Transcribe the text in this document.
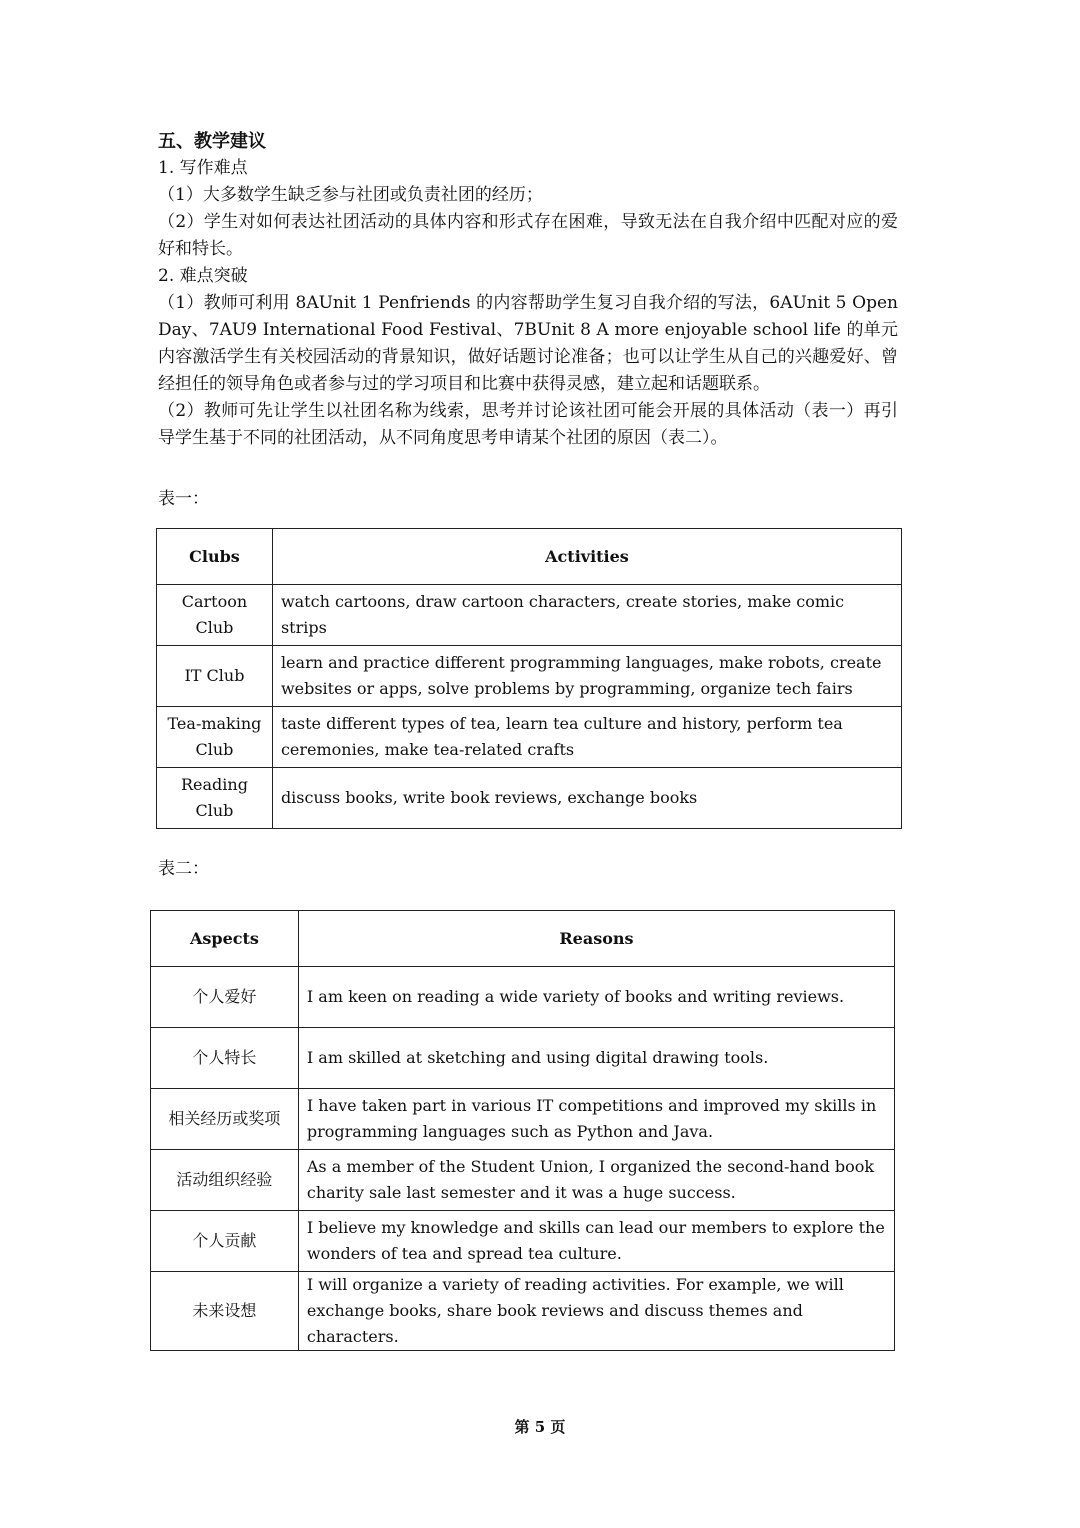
五、教学建议
1. 写作难点
（1）大多数学生缺乏参与社团或负责社团的经历；
（2）学生对如何表达社团活动的具体内容和形式存在困难，导致无法在自我介绍中匹配对应的爱好和特长。
2. 难点突破
（1）教师可利用 8AUnit 1 Penfriends 的内容帮助学生复习自我介绍的写法，6AUnit 5 Open Day、7AU9 International Food Festival、7BUnit 8 A more enjoyable school life 的单元内容激活学生有关校园活动的背景知识，做好话题讨论准备；也可以让学生从自己的兴趣爱好、曾经担任的领导角色或者参与过的学习项目和比赛中获得灵感，建立起和话题联系。
（2）教师可先让学生以社团名称为线索，思考并讨论该社团可能会开展的具体活动（表一）再引导学生基于不同的社团活动，从不同角度思考申请某个社团的原因（表二）。
表一：
Clubs	Activities
Cartoon Club	watch cartoons, draw cartoon characters, create stories, make comic strips
IT Club	learn and practice different programming languages, make robots, create websites or apps, solve problems by programming, organize tech fairs
Tea-making Club	taste different types of tea, learn tea culture and history, perform tea ceremonies, make tea-related crafts
Reading Club	discuss books, write book reviews, exchange books
表二：
Aspects	Reasons
个人爱好	I am keen on reading a wide variety of books and writing reviews.
个人特长	I am skilled at sketching and using digital drawing tools.
相关经历或奖项	I have taken part in various IT competitions and improved my skills in programming languages such as Python and Java.
活动组织经验	As a member of the Student Union, I organized the second-hand book charity sale last semester and it was a huge success.
个人贡献	I believe my knowledge and skills can lead our members to explore the wonders of tea and spread tea culture.
未来设想	I will organize a variety of reading activities. For example, we will exchange books, share book reviews and discuss themes and characters.
第 5 页
